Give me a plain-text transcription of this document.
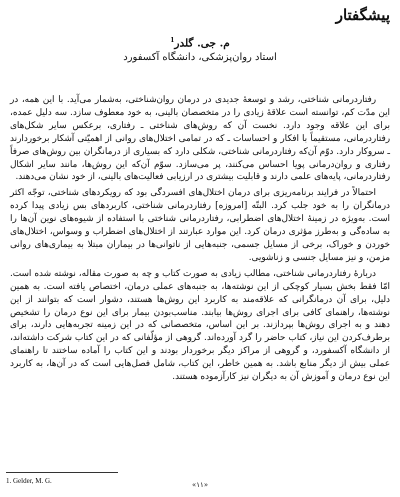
پیشگفتار
م. جی. گلدر$^1$
استاد روان‌پزشکی، دانشگاه آکسفورد

رفتاردرمانی شناختی، رشد و توسعهٔ جدیدی در درمان روان‌شناختی، به‌شمار می‌آید. با این همه، در این مدّت کم، توانسته است علاقهٔ زیادی را در متخصصان بالینی، به خود معطوف سازد. سه دلیل عمده، برای این علاقه وجود دارد. نخست آن که روش‌های شناختی ـ رفتاری، برعکس سایر شکل‌های رفتاردرمانی، مستقیماً با افکار و احساسات ـ که در تمامی اختلال‌های روانی از اهمیّتی آشکار برخوردارند ـ سروکار دارد. دوّم آن‌که رفتاردرمانی شناختی، شکلی دارد که بسیاری از درمانگران بین روش‌های صرفاً رفتاری و روان‌درمانی پویا احساس می‌کنند، پر می‌سازد. سوّم آن‌که این روش‌ها، مانند سایر اشکال رفتاردرمانی، پایه‌های علمی دارند و قابلیت بیشتری در ارزیابی فعالیت‌های بالینی، از خود نشان می‌دهند.

احتمالاً در فرایند برنامه‌ریزی برای درمان اختلال‌های افسردگی بود که رویکردهای شناختی، توجّه اکثر درمانگران را به خود جلب کرد. البتّه [امروزه] رفتاردرمانی شناختی، کاربردهای بس زیادی پیدا کرده است. به‌ویژه در زمینهٔ اختلال‌های اضطرابی، رفتاردرمانی شناختی با استفاده از شیوه‌های نوین آن‌ها را به ساده‌گی و به‌طرز مؤثری درمان کرد. این موارد عبارتند از اختلال‌های اضطراب و وسواس، اختلال‌های خوردن و خوراک، برخی از مسایل جسمی، جنبه‌هایی از ناتوانی‌ها در بیماران مبتلا به بیماری‌های روانی مزمن، و نیز مسایل جنسی و زناشویی.

دربارهٔ رفتاردرمانی شناختی، مطالب زیادی به صورت کتاب و چه به صورت مقاله، نوشته شده است. امّا فقط بخش بسیار کوچکی از این نوشته‌ها، به جنبه‌های عملی درمان، اختصاص یافته است. به همین دلیل، برای آن درمانگرانی که علاقه‌مند به کاربرد این روش‌ها هستند، دشوار است که بتوانند از این نوشته‌ها، راهنمای کافی برای اجرای روش‌ها بیابند. مناسب‌بودن بیمار برای این نوع درمان را تشخیص دهند و به اجرای روش‌ها بپردازند. بر این اساس، متخصصانی که در این زمینه تجربه‌هایی دارند، برای برطرف‌کردن این نیاز، کتاب حاضر را گرد آورده‌اند. گروهی از مؤلّفانی که در این کتاب شرکت داشته‌اند، از دانشگاه آکسفورد، و گروهی از مراکز دیگر برخوردار بودند و این کتاب را آماده ساختند تا راهنمای عملی بیش از دیگر منابع باشد. به همین خاطر، این کتاب، شامل فصل‌هایی است که در آن‌ها، به کاربرد این نوع درمان و آموزش آن به دیگران نیز کارآزموده هستند.

1. Gelder, M. G.	«۱۱»
